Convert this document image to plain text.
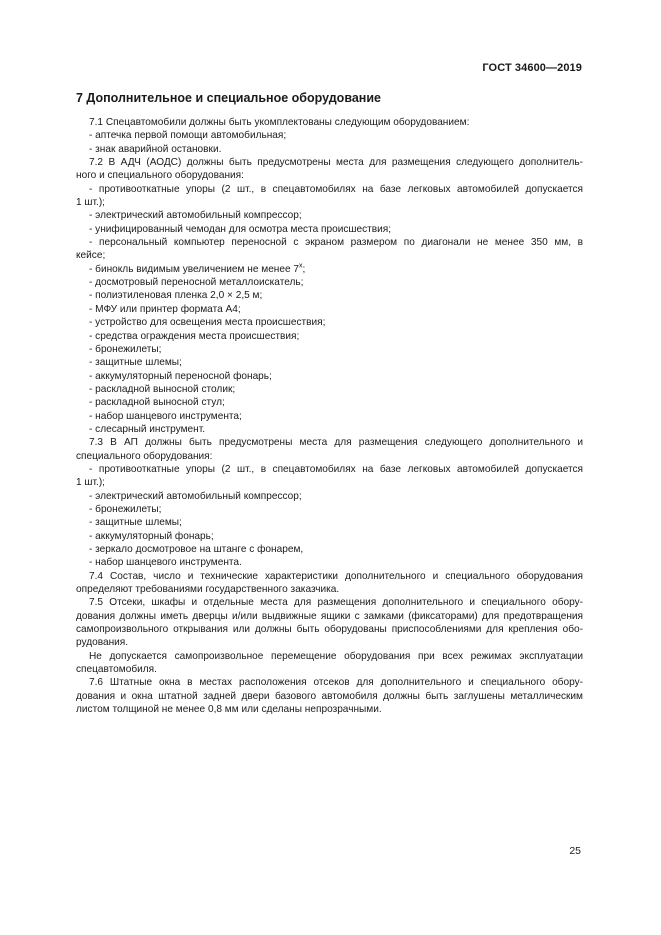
ГОСТ 34600—2019
7 Дополнительное и специальное оборудование

7.1 Спецавтомобили должны быть укомплектованы следующим оборудованием:

- аптечка первой помощи автомобильная;

- знак аварийной остановки.

7.2 В АДЧ (АОДС) должны быть предусмотрены места для размещения следующего дополнитель-

ного и специального оборудования:

- противооткатные упоры (2 шт., в спецавтомобилях на базе легковых автомобилей допускается

1 шт.);

- электрический автомобильный компрессор;

- унифицированный чемодан для осмотра места происшествия;

- персональный компьютер переносной с экраном размером по диагонали не менее 350 мм, в

кейсе;

- бинокль видимым увеличением не менее $7^х$;

- досмотровый переносной металлоискатель;

- полиэтиленовая пленка 2,0 × 2,5 м;

- МФУ или принтер формата А4;

- устройство для освещения места происшествия;

- средства ограждения места происшествия;

- бронежилеты;

- защитные шлемы;

- аккумуляторный переносной фонарь;

- раскладной выносной столик;

- раскладной выносной стул;

- набор шанцевого инструмента;

- слесарный инструмент.

7.3 В АП должны быть предусмотрены места для размещения следующего дополнительного и

специального оборудования:

- противооткатные упоры (2 шт., в спецавтомобилях на базе легковых автомобилей допускается

1 шт.);

- электрический автомобильный компрессор;

- бронежилеты;

- защитные шлемы;

- аккумуляторный фонарь;

- зеркало досмотровое на штанге с фонарем,

- набор шанцевого инструмента.

7.4 Состав, число и технические характеристики дополнительного и специального оборудования

определяют требованиями государственного заказчика.

7.5 Отсеки, шкафы и отдельные места для размещения дополнительного и специального обору-

дования должны иметь дверцы и/или выдвижные ящики с замками (фиксаторами) для предотвращения

самопроизвольного открывания или должны быть оборудованы приспособлениями для крепления обо-

рудования.

Не допускается самопроизвольное перемещение оборудования при всех режимах эксплуатации

спецавтомобиля.

7.6 Штатные окна в местах расположения отсеков для дополнительного и специального обору-

дования и окна штатной задней двери базового автомобиля должны быть заглушены металлическим

листом толщиной не менее 0,8 мм или сделаны непрозрачными.

25
